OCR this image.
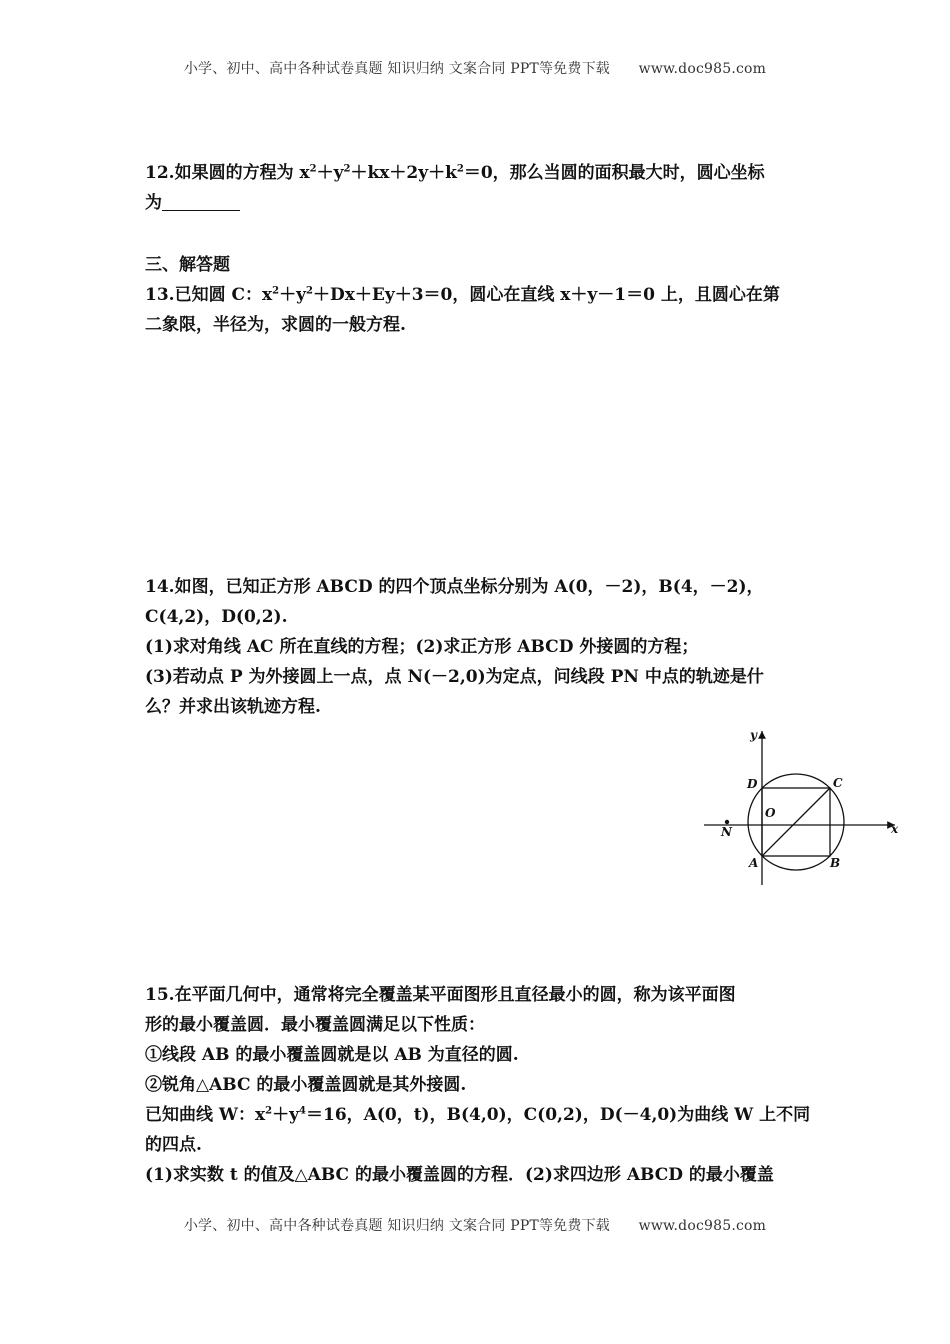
小学、初中、高中各种试卷真题 知识归纳 文案合同 PPT等免费下载 www.doc985.com
12.如果圆的方程为 $x^2+y^2+kx+2y+k^2=0$，那么当圆的面积最大时，圆心坐标
为
三、解答题
13.已知圆 C：$x^2+y^2+Dx+Ey+3=0$，圆心在直线 x＋y－1＝0 上，且圆心在第
二象限，半径为，求圆的一般方程.
14.如图，已知正方形 ABCD 的四个顶点坐标分别为 A(0，－2)，B(4，－2)，
C(4,2)，D(0,2).
(1)求对角线 AC 所在直线的方程；(2)求正方形 ABCD 外接圆的方程；
(3)若动点 P 为外接圆上一点，点 N(－2,0)为定点，问线段 PN 中点的轨迹是什
么？并求出该轨迹方程.
y
x
D	C
O
N
A	B
15.在平面几何中，通常将完全覆盖某平面图形且直径最小的圆，称为该平面图
形的最小覆盖圆．最小覆盖圆满足以下性质：
①线段 AB 的最小覆盖圆就是以 AB 为直径的圆.
②锐角△ABC 的最小覆盖圆就是其外接圆.
已知曲线 W：$x^2+y^4=16$，A(0，t)，B(4,0)，C(0,2)，D(－4,0)为曲线 W 上不同
的四点.
(1)求实数 t 的值及△ABC 的最小覆盖圆的方程．(2)求四边形 ABCD 的最小覆盖
小学、初中、高中各种试卷真题 知识归纳 文案合同 PPT等免费下载 www.doc985.com
